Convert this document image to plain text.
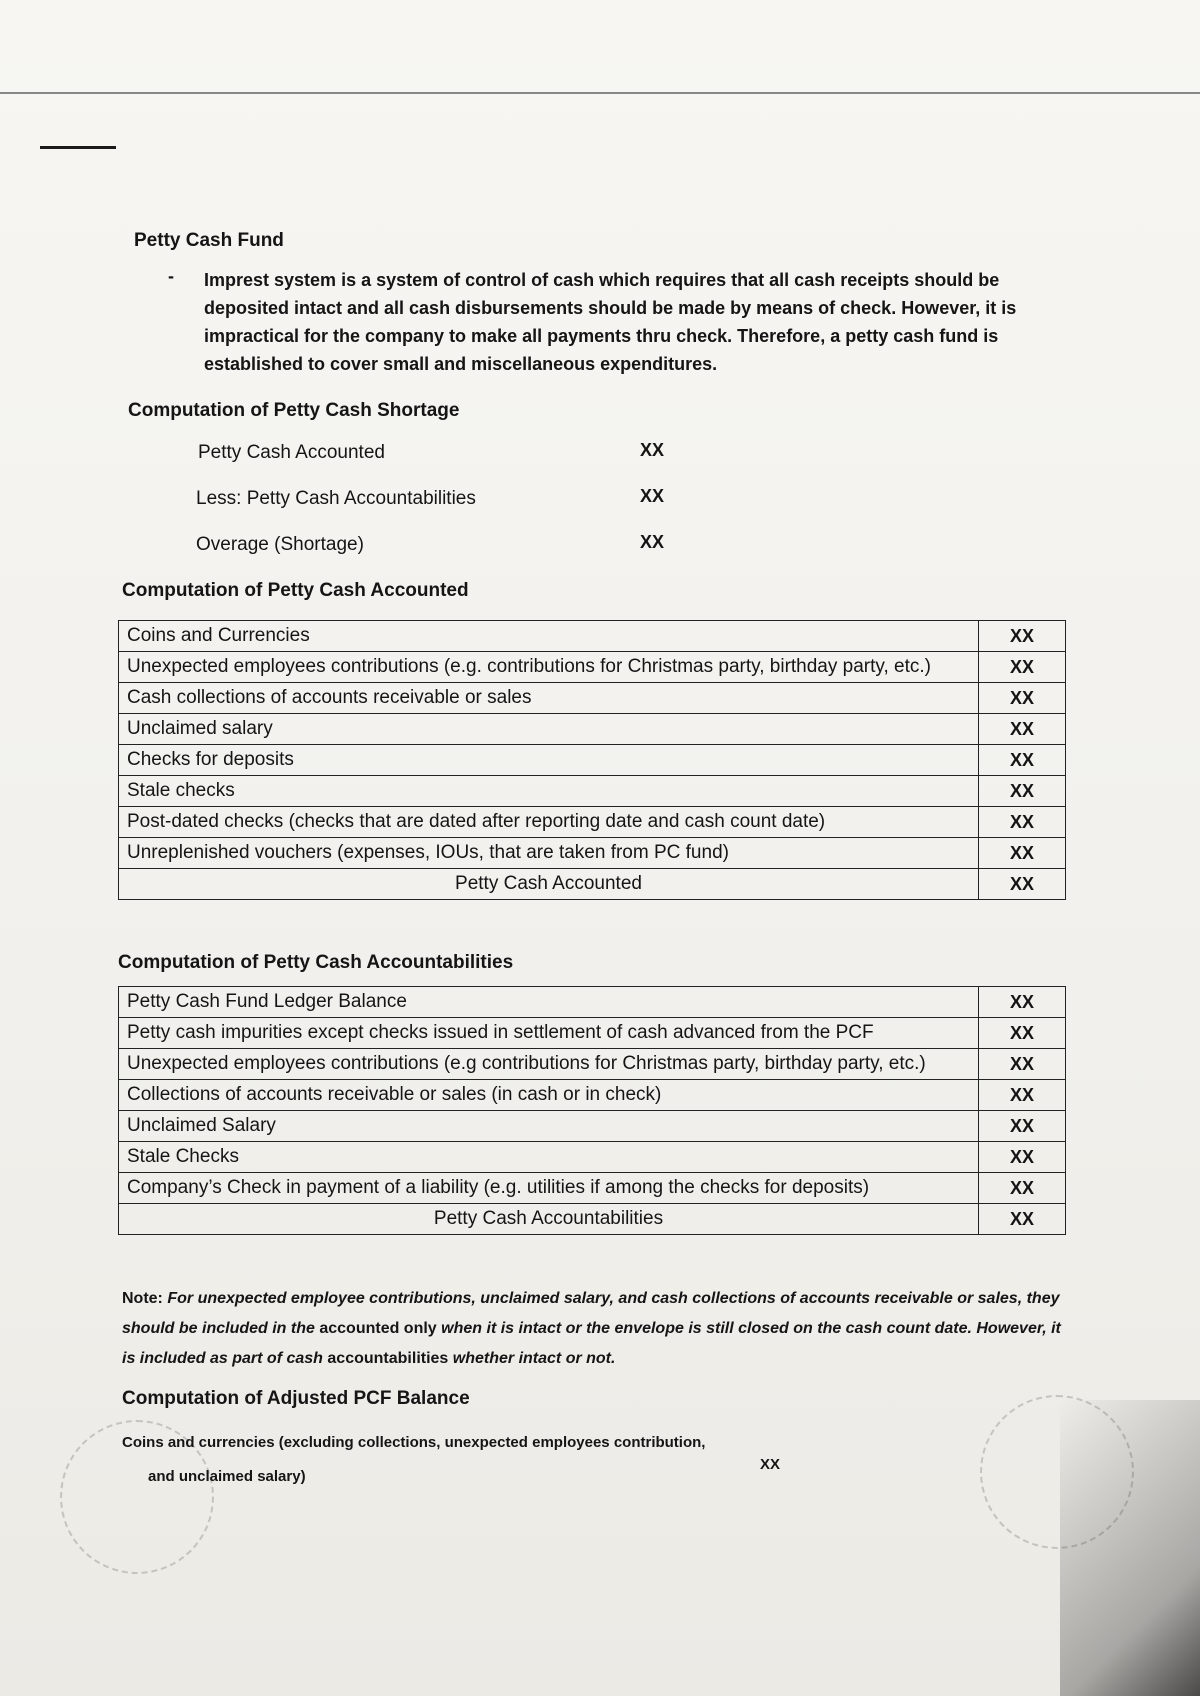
Petty Cash Fund
- Imprest system is a system of control of cash which requires that all cash receipts should be deposited intact and all cash disbursements should be made by means of check. However, it is impractical for the company to make all payments thru check. Therefore, a petty cash fund is established to cover small and miscellaneous expenditures.
Computation of Petty Cash Shortage
Petty Cash Accounted	XX
Less: Petty Cash Accountabilities	XX
Overage (Shortage)	XX
Computation of Petty Cash Accounted
Coins and Currencies	XX
Unexpected employees contributions (e.g. contributions for Christmas party, birthday party, etc.)	XX
Cash collections of accounts receivable or sales	XX
Unclaimed salary	XX
Checks for deposits	XX
Stale checks	XX
Post-dated checks (checks that are dated after reporting date and cash count date)	XX
Unreplenished vouchers (expenses, IOUs, that are taken from PC fund)	XX
Petty Cash Accounted	XX
Computation of Petty Cash Accountabilities
Petty Cash Fund Ledger Balance	XX
Petty cash impurities except checks issued in settlement of cash advanced from the PCF	XX
Unexpected employees contributions (e.g contributions for Christmas party, birthday party, etc.)	XX
Collections of accounts receivable or sales (in cash or in check)	XX
Unclaimed Salary	XX
Stale Checks	XX
Company’s Check in payment of a liability (e.g. utilities if among the checks for deposits)	XX
Petty Cash Accountabilities	XX
Note: For unexpected employee contributions, unclaimed salary, and cash collections of accounts receivable or sales, they should be included in the accounted only when it is intact or the envelope is still closed on the cash count date. However, it is included as part of cash accountabilities whether intact or not.
Computation of Adjusted PCF Balance
Coins and currencies (excluding collections, unexpected employees contribution,
and unclaimed salary)
XX
